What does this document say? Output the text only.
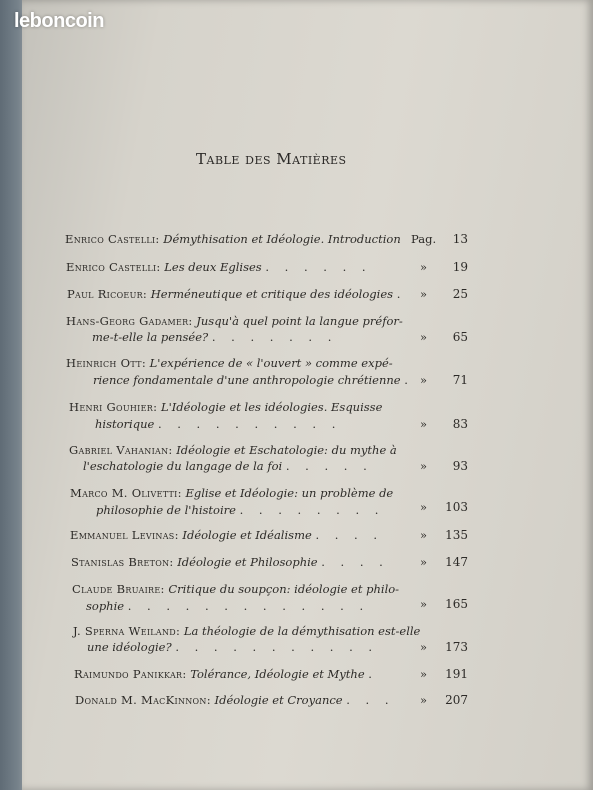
leboncoin
Table des Matières
Enrico Castelli: Démythisation et Idéologie. Introduction Pag.	13
Enrico Castelli: Les deux Eglises . . . . . .	»	19
Paul Ricoeur: Herméneutique et critique des idéologies . »	25
Hans-Georg Gadamer: Jusqu'à quel point la langue préfor-
me-t-elle la pensée? . . . . . . .	»	65
Heinrich Ott: L'expérience de « l'ouvert » comme expé-
rience fondamentale d'une anthropologie chrétienne . »	71
Henri Gouhier: L'Idéologie et les idéologies. Esquisse
historique . . . . . . . . . .	»	83
Gabriel Vahanian: Idéologie et Eschatologie: du mythe à
l'eschatologie du langage de la foi . . . . .	»	93
Marco M. Olivetti: Eglise et Idéologie: un problème de
philosophie de l'histoire . . . . . . . .	»	103
Emmanuel Levinas: Idéologie et Idéalisme . . . .	»	135
Stanislas Breton: Idéologie et Philosophie . . . .	»	147
Claude Bruaire: Critique du soupçon: idéologie et philo-
sophie . . . . . . . . . . . . .	»	165
J. Sperna Weiland: La théologie de la démythisation est-elle
une idéologie? . . . . . . . . . . .	»	173
Raimundo Panikkar: Tolérance, Idéologie et Mythe .	»	191
Donald M. MacKinnon: Idéologie et Croyance . . . »	207
